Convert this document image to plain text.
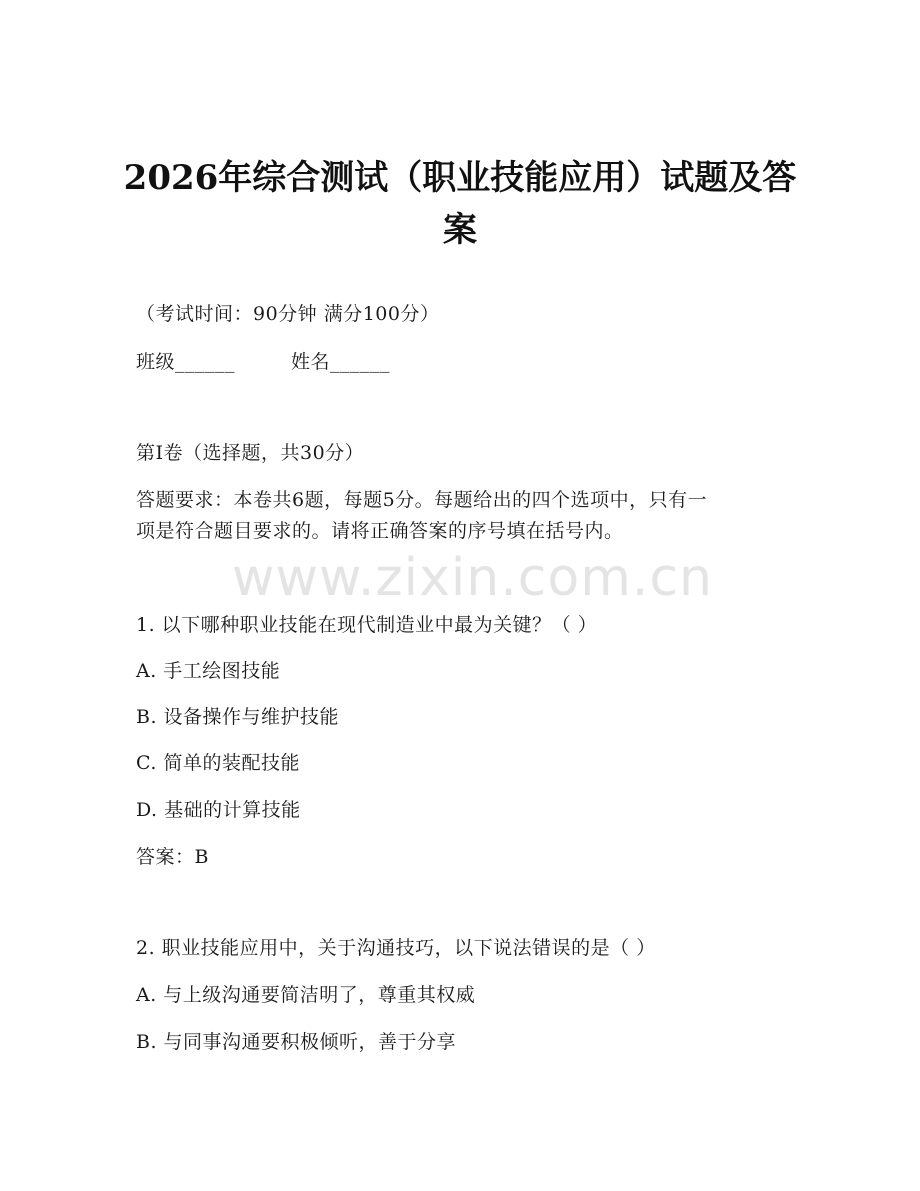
2026年综合测试（职业技能应用）试题及答
案
（考试时间：90分钟 满分100分）
班级______	姓名______
第I卷（选择题，共30分）
答题要求：本卷共6题，每题5分。每题给出的四个选项中，只有一
项是符合题目要求的。请将正确答案的序号填在括号内。
www.zixin.com.cn
1. 以下哪种职业技能在现代制造业中最为关键？（ ）
A. 手工绘图技能
B. 设备操作与维护技能
C. 简单的装配技能
D. 基础的计算技能
答案：B
2. 职业技能应用中，关于沟通技巧，以下说法错误的是（ ）
A. 与上级沟通要简洁明了，尊重其权威
B. 与同事沟通要积极倾听，善于分享
